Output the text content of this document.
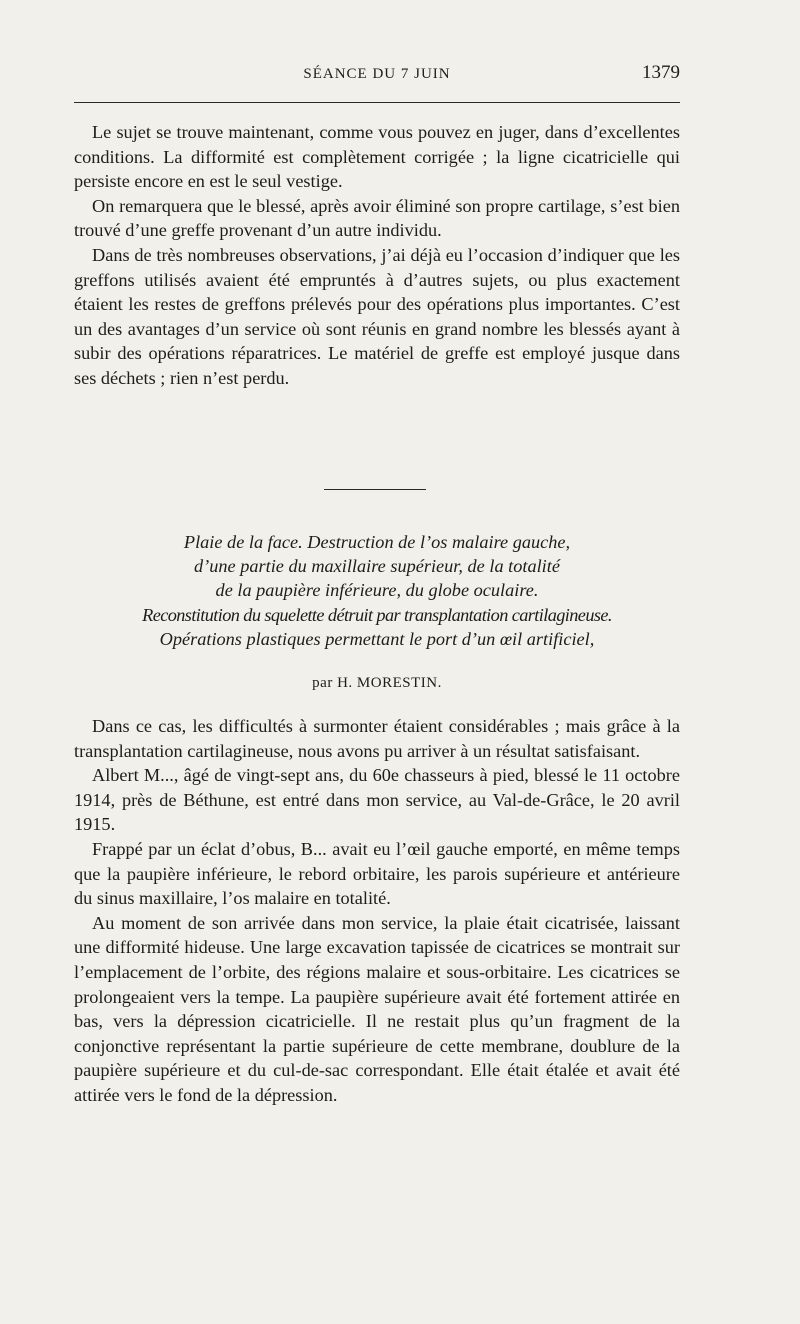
SÉANCE DU 7 JUIN	1379

Le sujet se trouve maintenant, comme vous pouvez en juger, dans d’excellentes conditions. La difformité est complètement corrigée ; la ligne cicatricielle qui persiste encore en est le seul vestige.

On remarquera que le blessé, après avoir éliminé son propre cartilage, s’est bien trouvé d’une greffe provenant d’un autre individu.

Dans de très nombreuses observations, j’ai déjà eu l’occasion d’indiquer que les greffons utilisés avaient été empruntés à d’autres sujets, ou plus exactement étaient les restes de greffons prélevés pour des opérations plus importantes. C’est un des avantages d’un service où sont réunis en grand nombre les blessés ayant à subir des opérations réparatrices. Le matériel de greffe est employé jusque dans ses déchets ; rien n’est perdu.

Plaie de la face. Destruction de l’os malaire gauche,
d’une partie du maxillaire supérieur, de la totalité
de la paupière inférieure, du globe oculaire.
Reconstitution du squelette détruit par transplantation cartilagineuse.
Opérations plastiques permettant le port d’un œil artificiel,
par H. MORESTIN.

Dans ce cas, les difficultés à surmonter étaient considérables ; mais grâce à la transplantation cartilagineuse, nous avons pu arriver à un résultat satisfaisant.

Albert M..., âgé de vingt-sept ans, du 60e chasseurs à pied, blessé le 11 octobre 1914, près de Béthune, est entré dans mon service, au Val-de-Grâce, le 20 avril 1915.

Frappé par un éclat d’obus, B... avait eu l’œil gauche emporté, en même temps que la paupière inférieure, le rebord orbitaire, les parois supérieure et antérieure du sinus maxillaire, l’os malaire en totalité.

Au moment de son arrivée dans mon service, la plaie était cicatrisée, laissant une difformité hideuse. Une large excavation tapissée de cicatrices se montrait sur l’emplacement de l’orbite, des régions malaire et sous-orbitaire. Les cicatrices se prolongeaient vers la tempe. La paupière supérieure avait été fortement attirée en bas, vers la dépression cicatricielle. Il ne restait plus qu’un fragment de la conjonctive représentant la partie supérieure de cette membrane, doublure de la paupière supérieure et du cul-de-sac correspondant. Elle était étalée et avait été attirée vers le fond de la dépression.
